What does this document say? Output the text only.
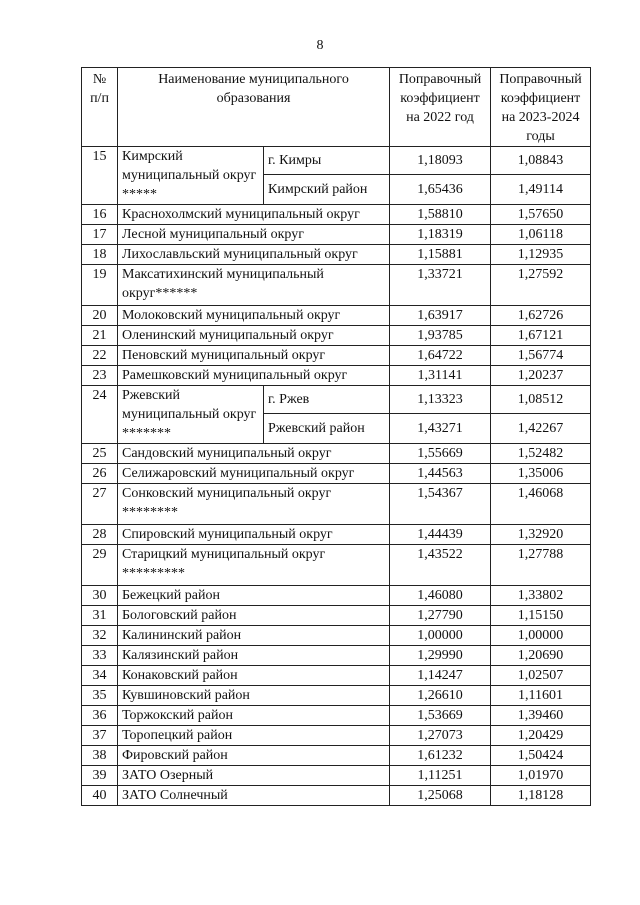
8
№ п/п	Наименование муниципального образования		Поправочный коэффициент на 2022 год	Поправочный коэффициент на 2023-2024 годы
15	Кимрский муниципальный округ *****	г. Кимры	1,18093	1,08843
		Кимрский район	1,65436	1,49114
16	Краснохолмский муниципальный округ		1,58810	1,57650
17	Лесной муниципальный округ		1,18319	1,06118
18	Лихославльский муниципальный округ		1,15881	1,12935
19	Максатихинский муниципальный округ******		1,33721	1,27592
20	Молоковский муниципальный округ		1,63917	1,62726
21	Оленинский муниципальный округ		1,93785	1,67121
22	Пеновский муниципальный округ		1,64722	1,56774
23	Рамешковский муниципальный округ		1,31141	1,20237
24	Ржевский муниципальный округ *******	г. Ржев	1,13323	1,08512
		Ржевский район	1,43271	1,42267
25	Сандовский муниципальный округ		1,55669	1,52482
26	Селижаровский муниципальный округ		1,44563	1,35006
27	Сонковский муниципальный округ ********		1,54367	1,46068
28	Спировский муниципальный округ		1,44439	1,32920
29	Старицкий муниципальный округ *********		1,43522	1,27788
30	Бежецкий район		1,46080	1,33802
31	Бологовский район		1,27790	1,15150
32	Калининский район		1,00000	1,00000
33	Калязинский район		1,29990	1,20690
34	Конаковский район		1,14247	1,02507
35	Кувшиновский район		1,26610	1,11601
36	Торжокский район		1,53669	1,39460
37	Торопецкий район		1,27073	1,20429
38	Фировский район		1,61232	1,50424
39	ЗАТО Озерный		1,11251	1,01970
40	ЗАТО Солнечный		1,25068	1,18128
